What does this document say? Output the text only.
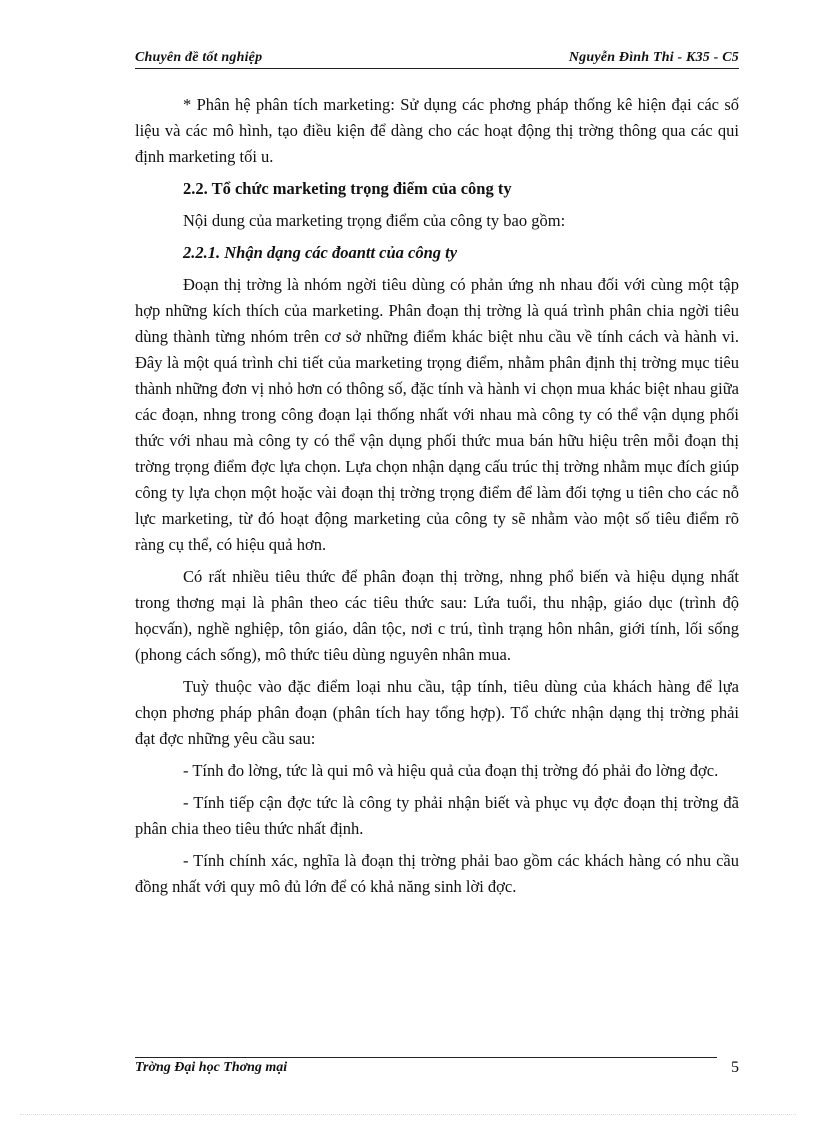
Chuyên đề tốt nghiệp	Nguyễn Đình Thi - K35 - C5

* Phân hệ phân tích marketing: Sử dụng các phơng pháp thống kê hiện đại các số liệu và các mô hình, tạo điều kiện để dàng cho các hoạt động thị trờng thông qua các qui định marketing tối u.

2.2. Tổ chức marketing trọng điểm của công ty

Nội dung của marketing trọng điểm của công ty bao gồm:

2.2.1. Nhận dạng các đoantt của công ty

Đoạn thị trờng là nhóm ngời tiêu dùng có phản ứng nh nhau đối với cùng một tập hợp những kích thích của marketing. Phân đoạn thị trờng là quá trình phân chia ngời tiêu dùng thành từng nhóm trên cơ sở những điểm khác biệt nhu cầu về tính cách và hành vi. Đây là một quá trình chi tiết của marketing trọng điểm, nhằm phân định thị trờng mục tiêu thành những đơn vị nhỏ hơn có thông số, đặc tính và hành vi chọn mua khác biệt nhau giữa các đoạn, nhng trong công đoạn lại thống nhất với nhau mà công ty có thể vận dụng phối thức với nhau mà công ty có thể vận dụng phối thức mua bán hữu hiệu trên mỗi đoạn thị trờng trọng điểm đợc lựa chọn. Lựa chọn nhận dạng cấu trúc thị trờng nhằm mục đích giúp công ty lựa chọn một hoặc vài đoạn thị trờng trọng điểm để làm đối tợng u tiên cho các nỗ lực marketing, từ đó hoạt động marketing của công ty sẽ nhằm vào một số tiêu điểm rõ ràng cụ thể, có hiệu quả hơn.

Có rất nhiều tiêu thức để phân đoạn thị trờng, nhng phổ biến và hiệu dụng nhất trong thơng mại là phân theo các tiêu thức sau: Lứa tuổi, thu nhập, giáo dục (trình độ họcvấn), nghề nghiệp, tôn giáo, dân tộc, nơi c trú, tình trạng hôn nhân, giới tính, lối sống (phong cách sống), mô thức tiêu dùng nguyên nhân mua.

Tuỳ thuộc vào đặc điểm loại nhu cầu, tập tính, tiêu dùng của khách hàng để lựa chọn phơng pháp phân đoạn (phân tích hay tổng hợp). Tổ chức nhận dạng thị trờng phải đạt đợc những yêu cầu sau:

- Tính đo lờng, tức là qui mô và hiệu quả của đoạn thị trờng đó phải đo lờng đợc.

- Tính tiếp cận đợc tức là công ty phải nhận biết và phục vụ đợc đoạn thị trờng đã phân chia theo tiêu thức nhất định.

- Tính chính xác, nghĩa là đoạn thị trờng phải bao gồm các khách hàng có nhu cầu đồng nhất với quy mô đủ lớn để có khả năng sinh lời đợc.

Trờng Đại học Thơng mại	5
